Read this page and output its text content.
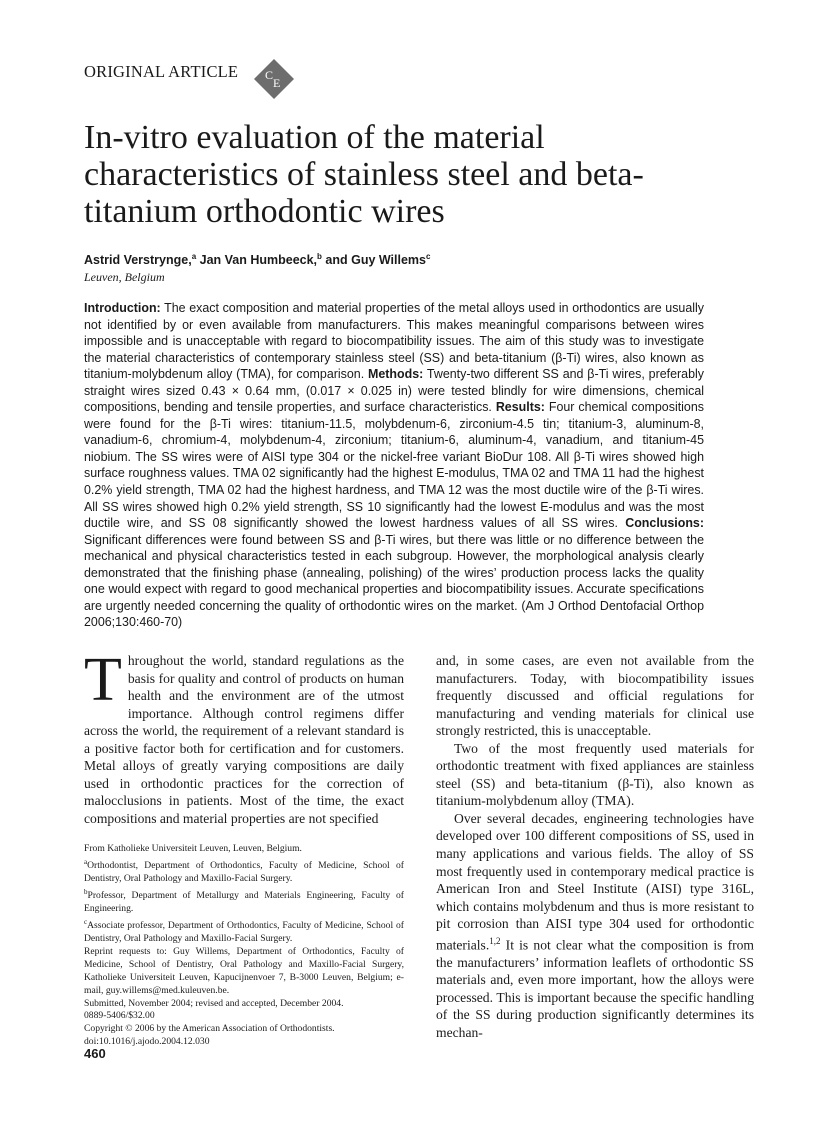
ORIGINAL ARTICLE C
E
In-vitro evaluation of the material characteristics of stainless steel and beta-titanium orthodontic wires
Astrid Verstrynge,$^a$ Jan Van Humbeeck,$^b$ and Guy Willems$^c$
Leuven, Belgium

Introduction: The exact composition and material properties of the metal alloys used in orthodontics are usually not identified by or even available from manufacturers. This makes meaningful comparisons between wires impossible and is unacceptable with regard to biocompatibility issues. The aim of this study was to investigate the material characteristics of contemporary stainless steel (SS) and beta-titanium (β-Ti) wires, also known as titanium-molybdenum alloy (TMA), for comparison. Methods: Twenty-two different SS and β-Ti wires, preferably straight wires sized 0.43 × 0.64 mm, (0.017 × 0.025 in) were tested blindly for wire dimensions, chemical compositions, bending and tensile properties, and surface characteristics. Results: Four chemical compositions were found for the β-Ti wires: titanium-11.5, molybdenum-6, zirconium-4.5 tin; titanium-3, aluminum-8, vanadium-6, chromium-4, molybdenum-4, zirconium; titanium-6, aluminum-4, vanadium, and titanium-45 niobium. The SS wires were of AISI type 304 or the nickel-free variant BioDur 108. All β-Ti wires showed high surface roughness values. TMA 02 significantly had the highest E-modulus, TMA 02 and TMA 11 had the highest 0.2% yield strength, TMA 02 had the highest hardness, and TMA 12 was the most ductile wire of the β-Ti wires. All SS wires showed high 0.2% yield strength, SS 10 significantly had the lowest E-modulus and was the most ductile wire, and SS 08 significantly showed the lowest hardness values of all SS wires. Conclusions: Significant differences were found between SS and β-Ti wires, but there was little or no difference between the mechanical and physical characteristics tested in each subgroup. However, the morphological analysis clearly demonstrated that the finishing phase (annealing, polishing) of the wires’ production process lacks the quality one would expect with regard to good mechanical properties and biocompatibility issues. Accurate specifications are urgently needed concerning the quality of orthodontic wires on the market. (Am J Orthod Dentofacial Orthop 2006;130:460-70)

Throughout the world, standard regulations as the basis for quality and control of products on human health and the environment are of the utmost importance. Although control regimens differ across the world, the requirement of a relevant standard is a positive factor both for certification and for customers. Metal alloys of greatly varying compositions are daily used in orthodontic practices for the correction of malocclusions in patients. Most of the time, the exact compositions and material properties are not specified

From Katholieke Universiteit Leuven, Leuven, Belgium.

$^a$Orthodontist, Department of Orthodontics, Faculty of Medicine, School of Dentistry, Oral Pathology and Maxillo-Facial Surgery.

$^b$Professor, Department of Metallurgy and Materials Engineering, Faculty of Engineering.

$^c$Associate professor, Department of Orthodontics, Faculty of Medicine, School of Dentistry, Oral Pathology and Maxillo-Facial Surgery.

Reprint requests to: Guy Willems, Department of Orthodontics, Faculty of Medicine, School of Dentistry, Oral Pathology and Maxillo-Facial Surgery, Katholieke Universiteit Leuven, Kapucijnenvoer 7, B-3000 Leuven, Belgium; e-mail, guy.willems@med.kuleuven.be.

Submitted, November 2004; revised and accepted, December 2004.

0889-5406/$32.00

Copyright © 2006 by the American Association of Orthodontists.

doi:10.1016/j.ajodo.2004.12.030

460

and, in some cases, are even not available from the manufacturers. Today, with biocompatibility issues frequently discussed and official regulations for manufacturing and vending materials for clinical use strongly restricted, this is unacceptable.

Two of the most frequently used materials for orthodontic treatment with fixed appliances are stainless steel (SS) and beta-titanium (β-Ti), also known as titanium-molybdenum alloy (TMA).

Over several decades, engineering technologies have developed over 100 different compositions of SS, used in many applications and various fields. The alloy of SS most frequently used in contemporary medical practice is American Iron and Steel Institute (AISI) type 316L, which contains molybdenum and thus is more resistant to pit corrosion than AISI type 304 used for orthodontic materials.$^{1,2}$ It is not clear what the composition is from the manufacturers’ information leaflets of orthodontic SS materials and, even more important, how the alloys were processed. This is important because the specific handling of the SS during production significantly determines its mechan-
